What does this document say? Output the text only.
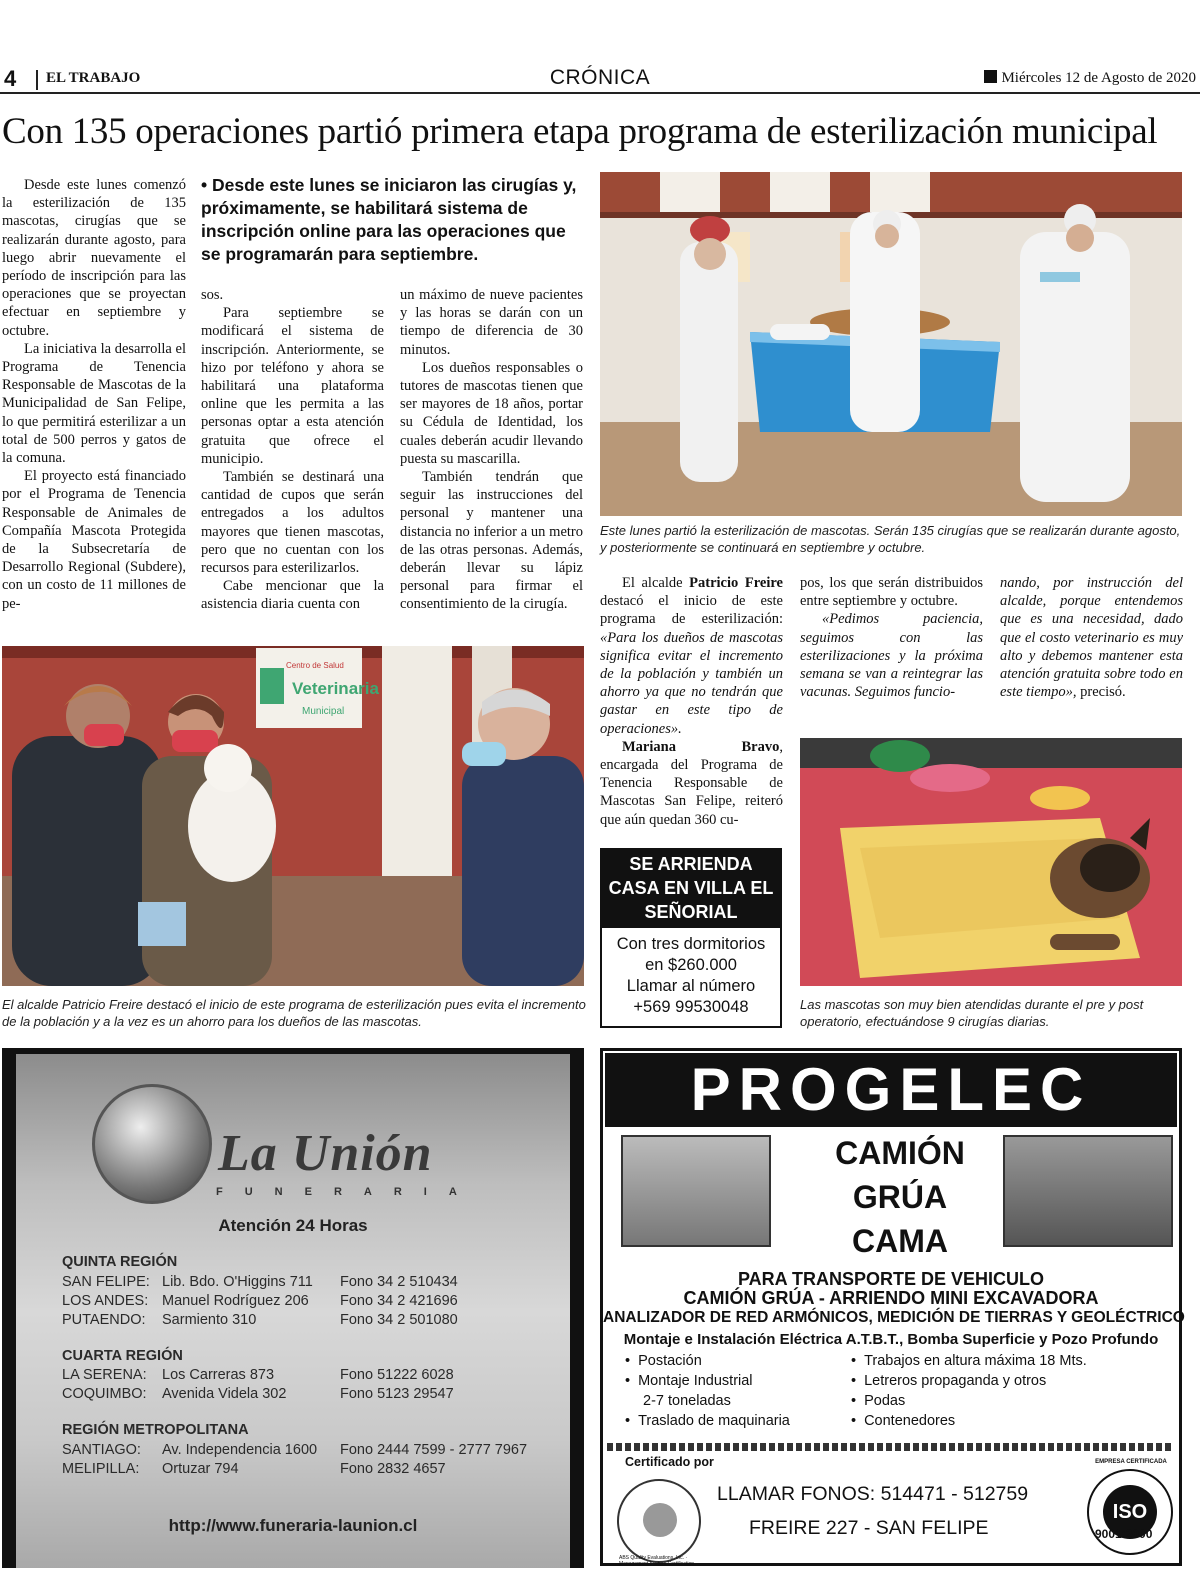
CRÓNICA
4	EL TRABAJO	Miércoles 12 de Agosto de 2020
Con 135 operaciones partió primera etapa programa de esterilización municipal

Desde este lunes comenzó la esterilización de 135 mascotas, cirugías que se realizarán durante agosto, para luego abrir nuevamente el período de inscripción para las operaciones que se proyectan efectuar en septiembre y octubre.

La iniciativa la desarrolla el Programa de Tenencia Responsable de Mascotas de la Municipalidad de San Felipe, lo que permitirá esterilizar a un total de 500 perros y gatos de la comuna.

El proyecto está financiado por el Programa de Tenencia Responsable de Animales de Compañía Mascota Protegida de la Subsecretaría de Desarrollo Regional (Subdere), con un costo de 11 millones de pe-

• Desde este lunes se iniciaron las cirugías y, próximamente, se habilitará sistema de inscripción online para las operaciones que se programarán para septiembre.

sos.

Para septiembre se modificará el sistema de inscripción. Anteriormente, se hizo por teléfono y ahora se habilitará una plataforma online que les permita a las personas optar a esta atención gratuita que ofrece el municipio.

También se destinará una cantidad de cupos que serán entregados a los adultos mayores que tienen mascotas, pero que no cuentan con los recursos para esterilizarlos.

Cabe mencionar que la asistencia diaria cuenta con

un máximo de nueve pacientes y las horas se darán con un tiempo de diferencia de 30 minutos.

Los dueños responsables o tutores de mascotas tienen que ser mayores de 18 años, portar su Cédula de Identidad, los cuales deberán acudir llevando puesta su mascarilla.

También tendrán que seguir las instrucciones del personal y mantener una distancia no inferior a un metro de las otras personas. Además, deberán llevar su lápiz personal para firmar el consentimiento de la cirugía.

Este lunes partió la esterilización de mascotas. Serán 135 cirugías que se realizarán durante agosto, y posteriormente se continuará en septiembre y octubre.
Veterinaria
Municipal
Centro de Salud
El alcalde Patricio Freire destacó el inicio de este programa de esterilización pues evita el incremento de la población y a la vez es un ahorro para los dueños de las mascotas.

El alcalde Patricio Freire destacó el inicio de este programa de esterilización: «Para los dueños de mascotas significa evitar el incremento de la población y también un ahorro ya que no tendrán que gastar en este tipo de operaciones».

Mariana Bravo, encargada del Programa de Tenencia Responsable de Mascotas San Felipe, reiteró que aún quedan 360 cu-

pos, los que serán distribuidos entre septiembre y octubre.

«Pedimos paciencia, seguimos con las esterilizaciones y la próxima semana se van a reintegrar las vacunas. Seguimos funcio-

nando, por instrucción del alcalde, porque entendemos que es una necesidad, dado que el costo veterinario es muy alto y debemos mantener esta atención gratuita sobre todo en este tiempo», precisó.

Las mascotas son muy bien atendidas durante el pre y post operatorio, efectuándose 9 cirugías diarias.
SE ARRIENDA CASA EN VILLA EL SEÑORIAL
Con tres dormitorios
en $260.000
Llamar al número
+569 99530048
La Unión
FUNERARIA
Atención 24 Horas
QUINTA REGIÓN
SAN FELIPE: Lib. Bdo. O'Higgins 711 Fono 34 2 510434
LOS ANDES: Manuel Rodríguez 206 Fono 34 2 421696
PUTAENDO: Sarmiento 310	Fono 34 2 501080
CUARTA REGIÓN
LA SERENA: Los Carreras 873	Fono 51222 6028
COQUIMBO: Avenida Videla 302	Fono 5123 29547
REGIÓN METROPOLITANA
SANTIAGO: Av. Independencia 1600 Fono 2444 7599 - 2777 7967
MELIPILLA: Ortuzar 794	Fono 2832 4657
http://www.funeraria-launion.cl
PROGELEC
CAMIÓN
GRÚA
CAMA
PARA TRANSPORTE DE VEHICULO
CAMIÓN GRÚA - ARRIENDO MINI EXCAVADORA
ANALIZADOR DE RED ARMÓNICOS, MEDICIÓN DE TIERRAS Y GEOLÉCTRICO
Montaje e Instalación Eléctrica A.T.B.T., Bomba Superficie y Pozo Profundo
• Postación
• Montaje Industrial
2-7 toneladas
• Traslado de maquinaria
• Trabajos en altura máxima 18 Mts.
• Letreros propaganda y otros
• Podas
• Contenedores
Certificado por
LLAMAR FONOS: 514471 - 512759
FREIRE 227 - SAN FELIPE
ISO
9001:2000
EMPRESA CERTIFICADA
ABS Quality Evaluations, Inc. · Management System Certification
